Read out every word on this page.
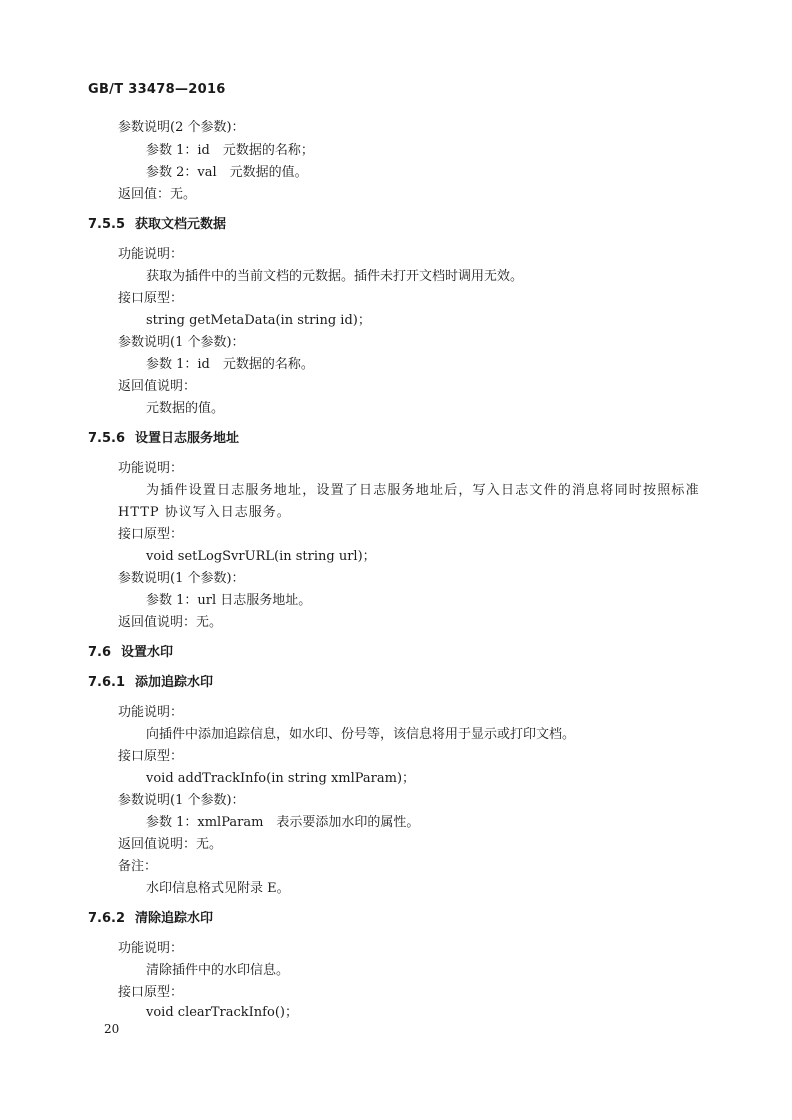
GB/T 33478—2016
参数说明(2 个参数)：
参数 1：id　元数据的名称；
参数 2：val　元数据的值。
返回值：无。
7.5.5 获取文档元数据
功能说明：
获取为插件中的当前文档的元数据。插件未打开文档时调用无效。
接口原型：
string getMetaData(in string id)；
参数说明(1 个参数)：
参数 1：id　元数据的名称。
返回值说明：
元数据的值。
7.5.6 设置日志服务地址
功能说明：
为插件设置日志服务地址，设置了日志服务地址后，写入日志文件的消息将同时按照标准
HTTP 协议写入日志服务。
接口原型：
void setLogSvrURL(in string url)；
参数说明(1 个参数)：
参数 1：url 日志服务地址。
返回值说明：无。
7.6 设置水印
7.6.1 添加追踪水印
功能说明：
向插件中添加追踪信息，如水印、份号等，该信息将用于显示或打印文档。
接口原型：
void addTrackInfo(in string xmlParam)；
参数说明(1 个参数)：
参数 1：xmlParam　表示要添加水印的属性。
返回值说明：无。
备注：
水印信息格式见附录 E。
7.6.2 清除追踪水印
功能说明：
清除插件中的水印信息。
接口原型：
void clearTrackInfo()；
20
